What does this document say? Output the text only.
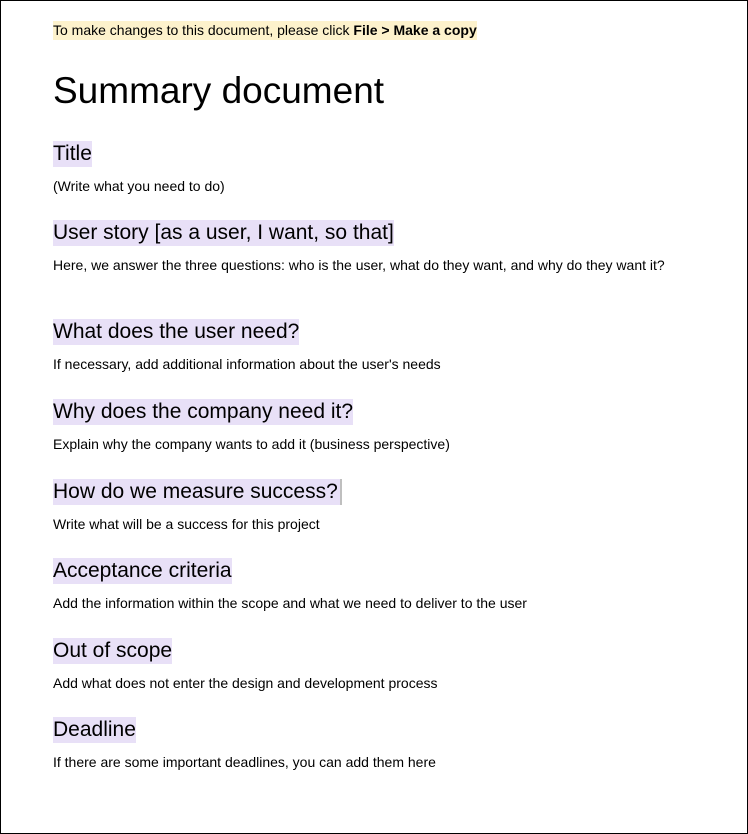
To make changes to this document, please click File > Make a copy
Summary document
Title
(Write what you need to do)
User story [as a user, I want, so that]
Here, we answer the three questions: who is the user, what do they want, and why do they want it?
What does the user need?
If necessary, add additional information about the user's needs
Why does the company need it?
Explain why the company wants to add it (business perspective)
How do we measure success?
Write what will be a success for this project
Acceptance criteria
Add the information within the scope and what we need to deliver to the user
Out of scope
Add what does not enter the design and development process
Deadline
If there are some important deadlines, you can add them here
